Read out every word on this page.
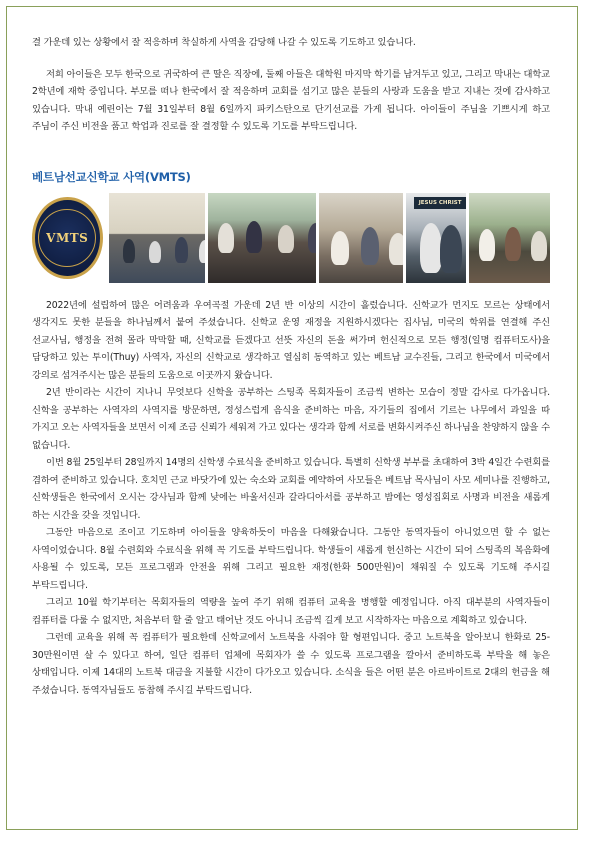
결 가운데 있는 상황에서 잘 적응하며 착실하게 사역을 감당해 나갈 수 있도록 기도하고 있습니다.

저희 아이들은 모두 한국으로 귀국하여 큰 딸은 직장에, 둘째 아들은 대학원 마지막 학기를 남겨두고 있고, 그리고 막내는 대학교 2학년에 재학 중입니다. 부모를 떠나 한국에서 잘 적응하며 교회를 섬기고 많은 분들의 사랑과 도움을 받고 지내는 것에 감사하고 있습니다. 막내 예린이는 7월 31일부터 8월 6일까지 파키스탄으로 단기선교를 가게 됩니다. 아이들이 주님을 기쁘시게 하고 주님이 주신 비전을 품고 학업과 진로를 잘 결정할 수 있도록 기도를 부탁드립니다.

베트남선교신학교 사역(VMTS)
VMTS
JESUS CHRIST

2022년에 설립하여 많은 어려움과 우여곡절 가운데 2년 반 이상의 시간이 흘렀습니다. 신학교가 먼지도 모르는 상태에서 생각지도 못한 분들을 하나님께서 붙여 주셨습니다. 신학교 운영 재정을 지원하시겠다는 집사님, 미국의 학위를 연결해 주신 선교사님, 행정을 전혀 몰라 막막할 때, 신학교를 듣겠다고 선뜻 자신의 돈을 써가며 헌신적으로 모든 행정(일명 컴퓨터도사)을 담당하고 있는 투이(Thuy) 사역자, 자신의 신학교로 생각하고 열심히 동역하고 있는 베트남 교수진들, 그리고 한국에서 미국에서 강의로 섬겨주시는 많은 분들의 도움으로 이곳까지 왔습니다.

2년 반이라는 시간이 지나니 무엇보다 신학을 공부하는 스팅족 목회자들이 조금씩 변하는 모습이 정말 감사로 다가옵니다. 신학을 공부하는 사역자의 사역지를 방문하면, 정성스럽게 음식을 준비하는 마음, 자기들의 집에서 기르는 나무에서 과일을 따 가지고 오는 사역자들을 보면서 이제 조금 신뢰가 세워져 가고 있다는 생각과 함께 서로를 변화시켜주신 하나님을 찬양하지 않을 수 없습니다.

이번 8월 25일부터 28일까지 14명의 신학생 수료식을 준비하고 있습니다. 특별히 신학생 부부를 초대하여 3박 4일간 수련회를 겸하여 준비하고 있습니다. 호치민 근교 바닷가에 있는 숙소와 교회를 예약하여 사모들은 베트남 목사님이 사모 세미나를 진행하고, 신학생들은 한국에서 오시는 강사님과 함께 낮에는 바울서신과 갈라디아서를 공부하고 밤에는 영성집회로 사명과 비전을 새롭게 하는 시간을 갖을 것입니다.

그동안 마음으로 조이고 기도하며 아이들을 양육하듯이 마음을 다해왔습니다. 그동안 동역자들이 아니었으면 할 수 없는 사역이었습니다. 8월 수련회와 수료식을 위해 꼭 기도를 부탁드립니다. 학생들이 새롭게 헌신하는 시간이 되어 스팅족의 복음화에 사용될 수 있도록, 모든 프로그램과 안전을 위해 그리고 필요한 재정(한화 500만원)이 채워질 수 있도록 기도해 주시길 부탁드립니다.

그리고 10월 학기부터는 목회자들의 역량을 높여 주기 위해 컴퓨터 교육을 병행할 예정입니다. 아직 대부분의 사역자들이 컴퓨터를 다룰 수 없지만, 처음부터 할 줄 알고 태어난 것도 아니니 조금씩 길게 보고 시작하자는 마음으로 계획하고 있습니다.

그런데 교육을 위해 꼭 컴퓨터가 필요한데 신학교에서 노트북을 사줘야 할 형편입니다. 중고 노트북을 알아보니 한화로 25-30만원이면 살 수 있다고 하여, 일단 컴퓨터 업체에 목회자가 쓸 수 있도록 프로그램을 깔아서 준비하도록 부탁을 해 놓은 상태입니다. 이제 14대의 노트북 대금을 지불할 시간이 다가오고 있습니다. 소식을 들은 어떤 분은 아르바이트로 2대의 헌금을 해 주셨습니다. 동역자님들도 동참해 주시길 부탁드립니다.
